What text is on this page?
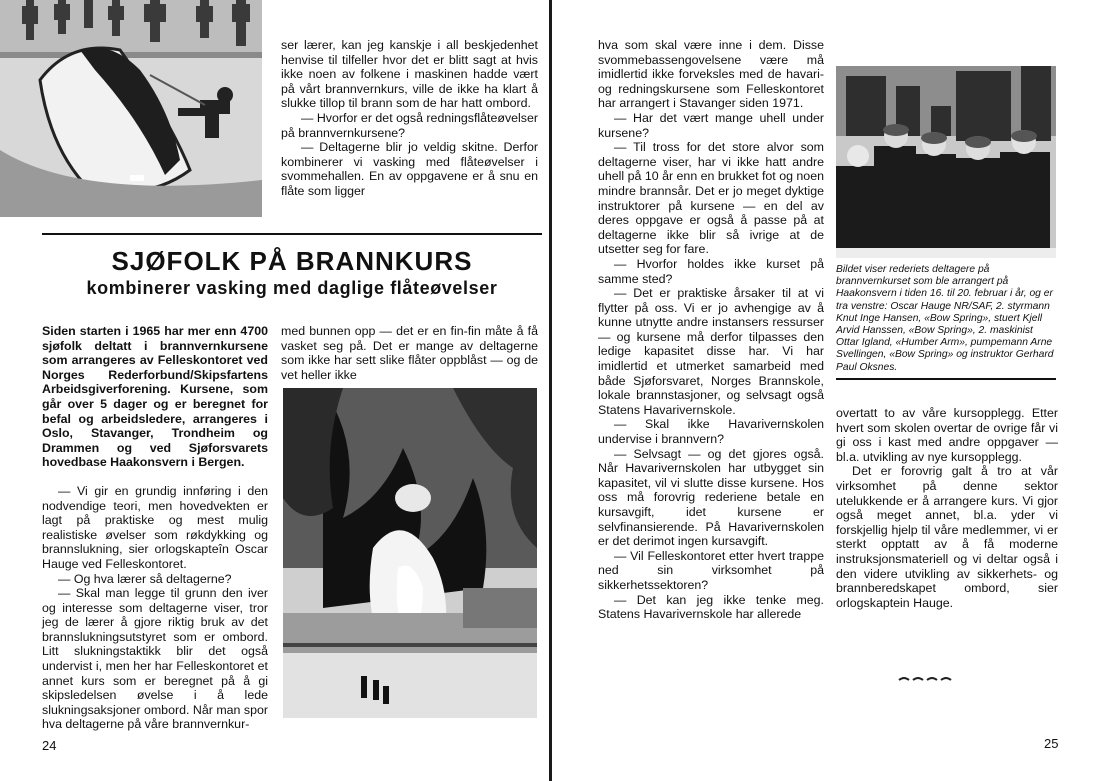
ser lærer, kan jeg kanskje i all beskjedenhet henvise til tilfeller hvor det er blitt sagt at hvis ikke noen av folkene i maskinen hadde vært på vårt brannvernkurs, ville de ikke ha klart å slukke tillop til brann som de har hatt ombord.

— Hvorfor er det også redningsflåteøvelser på brannvernkursene?

— Deltagerne blir jo veldig skitne. Derfor kombinerer vi vasking med flåteøvelser i svommehallen. En av oppgavene er å snu en flåte som ligger

SJØFOLK PÅ BRANNKURS
kombinerer vasking med daglige flåteøvelser

Siden starten i 1965 har mer enn 4700 sjøfolk deltatt i brannvernkursene som arrangeres av Felleskontoret ved Norges Rederforbund/Skipsfartens Arbeidsgiverforening. Kursene, som går over 5 dager og er beregnet for befal og arbeidsledere, arrangeres i Oslo, Stavanger, Trondheim og Drammen og ved Sjøforsvarets hovedbase Haakonsvern i Bergen.

— Vi gir en grundig innføring i den nodvendige teori, men hovedvekten er lagt på praktiske og mest mulig realistiske øvelser som røkdykking og brannslukning, sier orlogskapteîn Oscar Hauge ved Felleskontoret.

— Og hva lærer så deltagerne?

— Skal man legge til grunn den iver og interesse som deltagerne viser, tror jeg de lærer å gjore riktig bruk av det brannslukningsutstyret som er ombord. Litt slukningstaktikk blir det også undervist i, men her har Felleskontoret et annet kurs som er beregnet på å gi skipsledelsen øvelse i å lede slukningsaksjoner ombord. Når man spor hva deltagerne på våre brannvernkur-

med bunnen opp — det er en fin-fin måte å få vasket seg på. Det er mange av deltagerne som ikke har sett slike flåter oppblåst — og de vet heller ikke

24

hva som skal være inne i dem. Disse svommebassengovelsene være må imidlertid ikke forveksles med de havari- og redningskursene som Felleskontoret har arrangert i Stavanger siden 1971.

— Har det vært mange uhell under kursene?

— Til tross for det store alvor som deltagerne viser, har vi ikke hatt andre uhell på 10 år enn en brukket fot og noen mindre brannsår. Det er jo meget dyktige instruktorer på kursene — en del av deres oppgave er også å passe på at deltagerne ikke blir så ivrige at de utsetter seg for fare.

— Hvorfor holdes ikke kurset på samme sted?

— Det er praktiske årsaker til at vi flytter på oss. Vi er jo avhengige av å kunne utnytte andre instansers ressurser — og kursene må derfor tilpasses den ledige kapasitet disse har. Vi har imidlertid et utmerket samarbeid med både Sjøforsvaret, Norges Brannskole, lokale brannstasjoner, og selvsagt også Statens Havarivernskole.

— Skal ikke Havarivernskolen undervise i brannvern?

— Selvsagt — og det gjores også. Når Havarivernskolen har utbygget sin kapasitet, vil vi slutte disse kursene. Hos oss må forovrig rederiene betale en kursavgift, idet kursene er selvfinansierende. På Havarivernskolen er det derimot ingen kursavgift.

— Vil Felleskontoret etter hvert trappe ned sin virksomhet på sikkerhetssektoren?

— Det kan jeg ikke tenke meg. Statens Havarivernskole har allerede

Bildet viser rederiets deltagere på brannvernkurset som ble arrangert på Haakonsvern i tiden 16. til 20. februar i år, og er tra venstre: Oscar Hauge NR/SAF, 2. styrmann Knut Inge Hansen, «Bow Spring», stuert Kjell Arvid Hanssen, «Bow Spring», 2. maskinist Ottar Igland, «Humber Arm», pumpemann Arne Svellingen, «Bow Spring» og instruktor Gerhard Paul Oksnes.

overtatt to av våre kursopplegg. Etter hvert som skolen overtar de ovrige får vi gi oss i kast med andre oppgaver — bl.a. utvikling av nye kursopplegg.

Det er forovrig galt å tro at vår virksomhet på denne sektor utelukkende er å arrangere kurs. Vi gjor også meget annet, bl.a. yder vi forskjellig hjelp til våre medlemmer, vi er sterkt opptatt av å få moderne instruksjonsmateriell og vi deltar også i den videre utvikling av sikkerhets- og brannberedskapet ombord, sier orlogskaptein Hauge.

25
